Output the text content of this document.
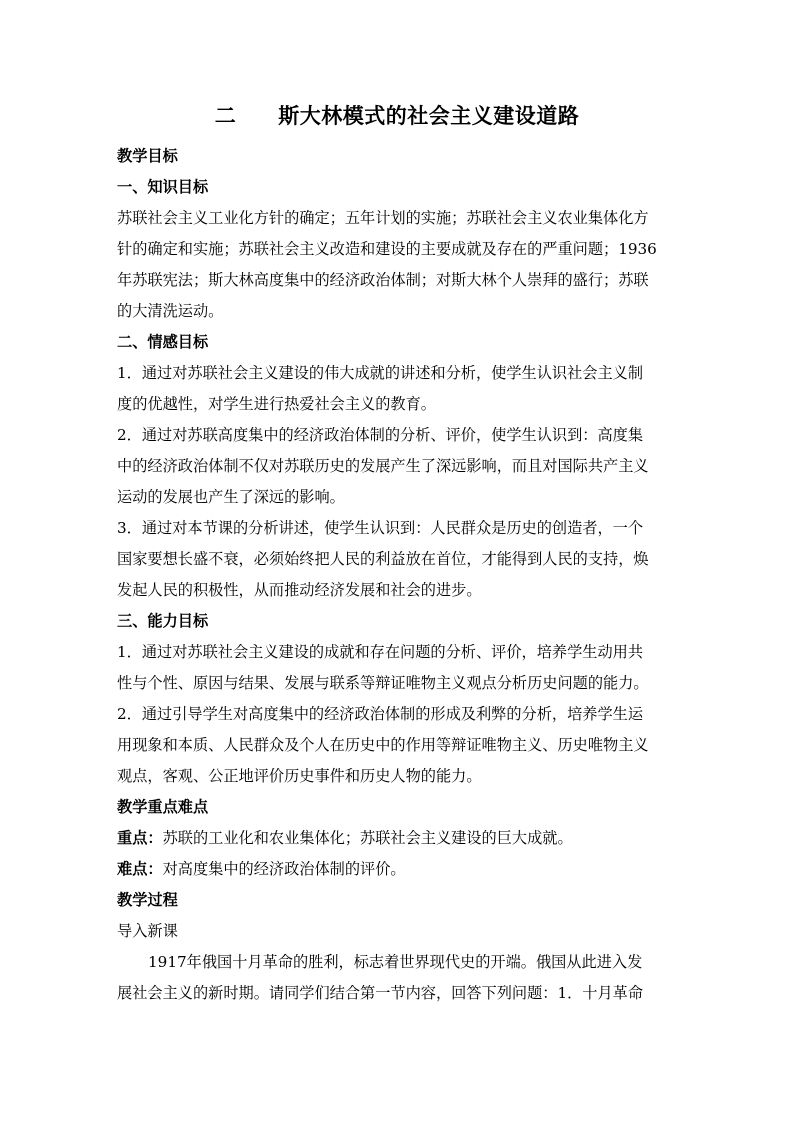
二 斯大林模式的社会主义建设道路

教学目标

一、知识目标

苏联社会主义工业化方针的确定；五年计划的实施；苏联社会主义农业集体化方
针的确定和实施；苏联社会主义改造和建设的主要成就及存在的严重问题；1936
年苏联宪法；斯大林高度集中的经济政治体制；对斯大林个人崇拜的盛行；苏联
的大清洗运动。

二、情感目标

1．通过对苏联社会主义建设的伟大成就的讲述和分析，使学生认识社会主义制
度的优越性，对学生进行热爱社会主义的教育。
2．通过对苏联高度集中的经济政治体制的分析、评价，使学生认识到：高度集
中的经济政治体制不仅对苏联历史的发展产生了深远影响，而且对国际共产主义
运动的发展也产生了深远的影响。
3．通过对本节课的分析讲述，使学生认识到：人民群众是历史的创造者，一个
国家要想长盛不衰，必须始终把人民的利益放在首位，才能得到人民的支持，焕
发起人民的积极性，从而推动经济发展和社会的进步。

三、能力目标

1．通过对苏联社会主义建设的成就和存在问题的分析、评价，培养学生动用共
性与个性、原因与结果、发展与联系等辩证唯物主义观点分析历史问题的能力。
2．通过引导学生对高度集中的经济政治体制的形成及利弊的分析，培养学生运
用现象和本质、人民群众及个人在历史中的作用等辩证唯物主义、历史唯物主义
观点，客观、公正地评价历史事件和历史人物的能力。

教学重点难点

重点：苏联的工业化和农业集体化；苏联社会主义建设的巨大成就。
难点：对高度集中的经济政治体制的评价。

教学过程

导入新课
1917年俄国十月革命的胜利，标志着世界现代史的开端。俄国从此进入发
展社会主义的新时期。请同学们结合第一节内容，回答下列问题：1．十月革命
